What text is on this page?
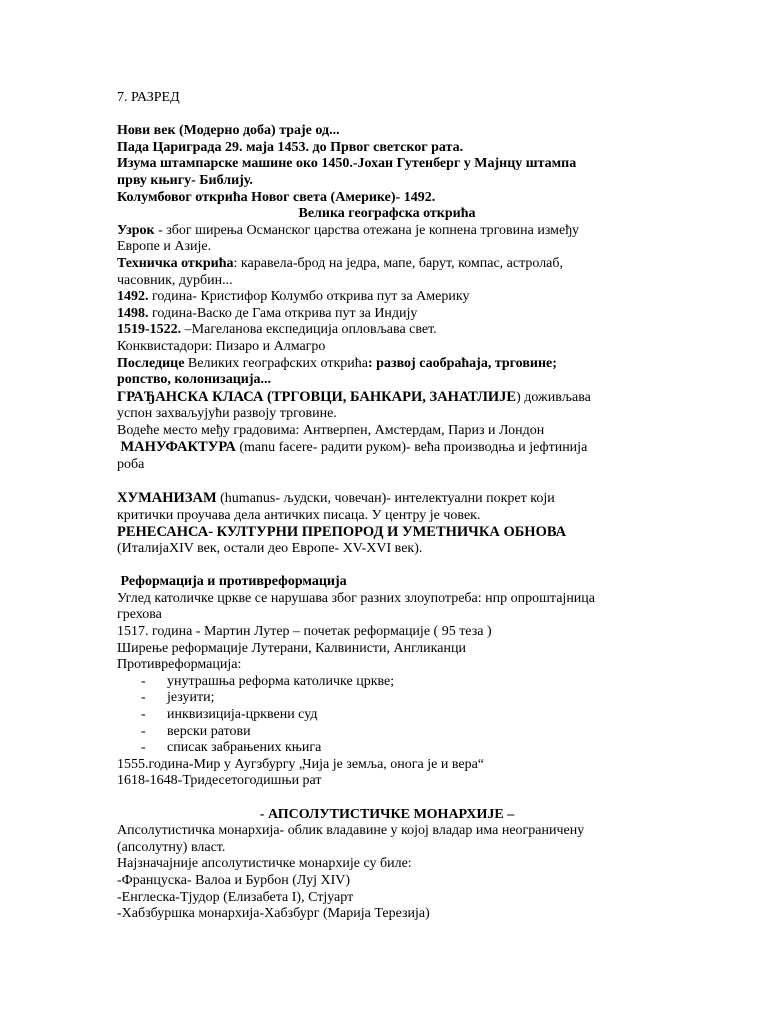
7. РАЗРЕД
Нови век (Модерно доба) траје од...
Пада Цариграда 29. маја 1453. до Првог светског рата.
Изума штампарске машине око 1450.-Јохан Гутенберг у Мајнцу штампа
прву књигу- Библију.
Колумбовог открића Новог света (Америке)- 1492.
Велика географска открића
Узрок - због ширења Османског царства отежана је копнена трговина између
Европе и Азије.
Техничка открића: каравела-брод на једра, мапе, барут, компас, астролаб,
часовник, дурбин...
1492. година- Кристифор Колумбо открива пут за Америку
1498. година-Васко де Гама открива пут за Индију
1519-1522. –Магеланова експедиција опловљава свет.
Конквистадори: Пизаро и Алмагро
Последице Великих географских открића: развој саобраћаја, трговине;
ропство, колонизација...
ГРАЂАНСКА КЛАСА (ТРГОВЦИ, БАНКАРИ, ЗАНАТЛИЈЕ) доживљава
успон захваљујући развоју трговине.
Водеће место међу градовима: Антверпен, Амстердам, Париз и Лондон
МАНУФАКТУРА (manu facere- радити руком)- већа производња и јефтинија
роба
ХУМАНИЗАМ (humanus- људски, човечан)- интелектуални покрет који
критички проучава дела античких писаца. У центру је човек.
РЕНЕСАНСА- КУЛТУРНИ ПРЕПОРОД И УМЕТНИЧКА ОБНОВА
(ИталијаXIV век, остали део Европе- XV-XVI век).
Реформација и противреформација
Углед католичке цркве се нарушава због разних злоупотреба: нпр опроштајница
грехова
1517. година - Мартин Лутер – почетак реформације ( 95 теза )
Ширење реформације Лутерани, Калвинисти, Англиканци
Противреформација:
- унутрашња реформа католичке цркве;
- језуити;
- инквизиција-црквени суд
- верски ратови
- списак забрањених књига
1555.година-Мир у Аугзбургу „Чија је земља, онога је и вера“
1618-1648-Тридесетогодишњи рат
- АПСОЛУТИСТИЧКЕ МОНАРХИЈЕ –
Апсолутистичка монархија- облик владавине у којој владар има неограничену
(апсолутну) власт.
Најзначајније апсолутистичке монархије су биле:
-Француска- Валоа и Бурбон (Луј XIV)
-Енглеска-Тјудор (Елизабета I), Стјуарт
-Хабзбуршка монархија-Хабзбург (Марија Терезија)
